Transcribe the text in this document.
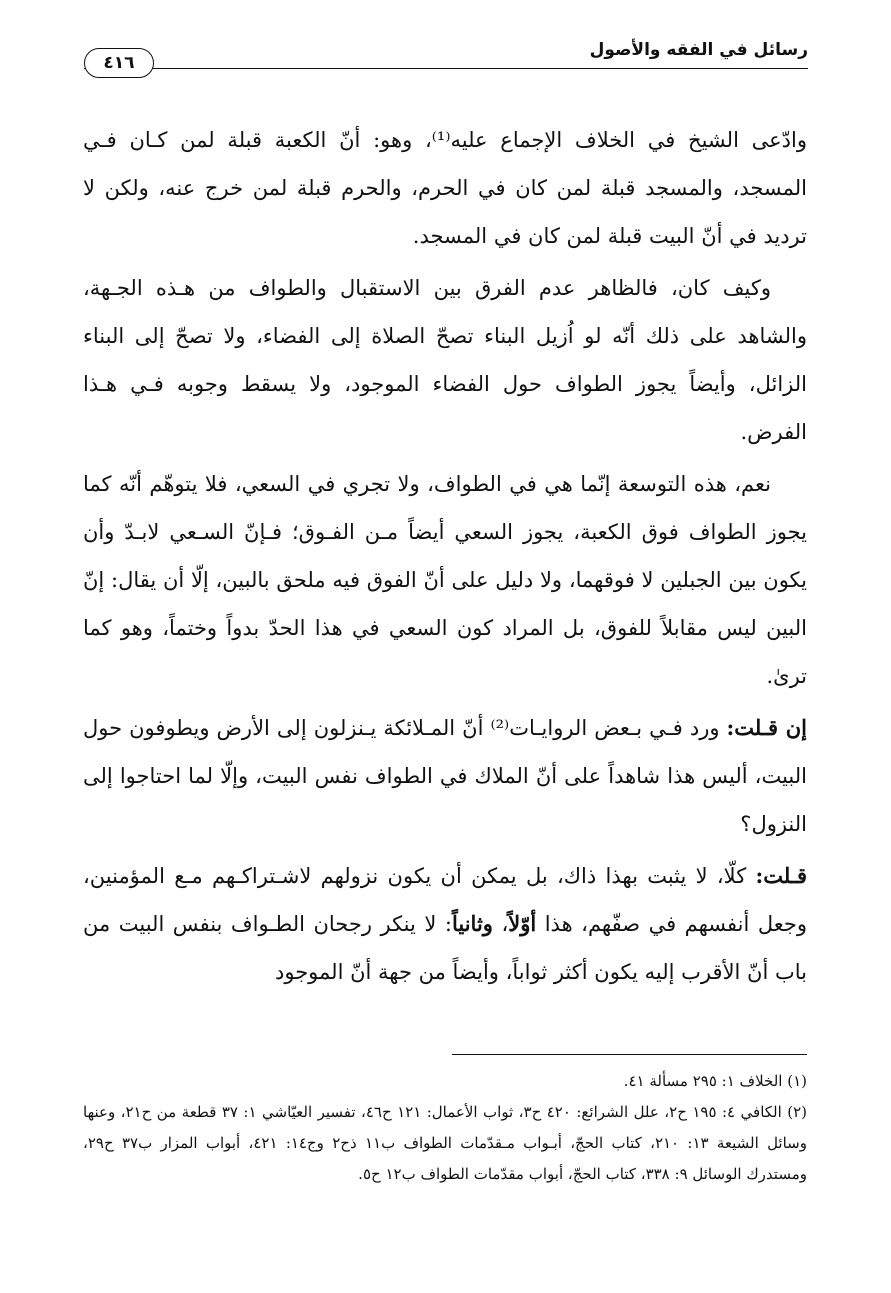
رسائل في الفقه والأصول
٤١٦

وادّعى الشيخ في الخلاف الإجماع عليه⁽¹⁾، وهو: أنّ الكعبة قبلة لمن كـان فـي المسجد، والمسجد قبلة لمن كان في الحرم، والحرم قبلة لمن خرج عنه، ولكن لا ترديد في أنّ البيت قبلة لمن كان في المسجد.

وكيف كان، فالظاهر عدم الفرق بين الاستقبال والطواف من هـذه الجـهة، والشاهد على ذلك أنّه لو اُزيل البناء تصحّ الصلاة إلى الفضاء، ولا تصحّ إلى البناء الزائل، وأيضاً يجوز الطواف حول الفضاء الموجود، ولا يسقط وجوبه فـي هـذا الفرض.

نعم، هذه التوسعة إنّما هي في الطواف، ولا تجري في السعي، فلا يتوهّم أنّه كما يجوز الطواف فوق الكعبة، يجوز السعي أيضاً مـن الفـوق؛ فـإنّ السـعي لابـدّ وأن يكون بين الجبلين لا فوقهما، ولا دليل على أنّ الفوق فيه ملحق بالبين، إلّا أن يقال: إنّ البين ليس مقابلاً للفوق، بل المراد كون السعي في هذا الحدّ بدواً وختماً، وهو كما ترىٰ.

إن قـلت: ورد فـي بـعض الروايـات⁽²⁾ أنّ المـلائكة يـنزلون إلى الأرض ويطوفون حول البيت، أليس هذا شاهداً على أنّ الملاك في الطواف نفس البيت، وإلّا لما احتاجوا إلى النزول؟

قـلت: كلّا، لا يثبت بهذا ذاك، بل يمكن أن يكون نزولهم لاشـتراكـهم مـع المؤمنين، وجعل أنفسهم في صفّهم، هذا أوّلاً، وثانياً: لا ينكر رجحان الطـواف بنفس البيت من باب أنّ الأقرب إليه يكون أكثر ثواباً، وأيضاً من جهة أنّ الموجود

(١) الخلاف ١: ٢٩٥ مسألة ٤١.

(٢) الكافي ٤: ١٩٥ ح٢، علل الشرائع: ٤٢٠ ح٣، ثواب الأعمال: ١٢١ ح٤٦، تفسير العيّاشي ١: ٣٧ قطعة من ح٢١، وعنها وسائل الشيعة ١٣: ٢١٠، كتاب الحجّ، أبـواب مـقدّمات الطواف ب١١ ذح٢ وج١٤: ٤٢١، أبواب المزار ب٣٧ ح٢٩، ومستدرك الوسائل ٩: ٣٣٨، كتاب الحجّ، أبواب مقدّمات الطواف ب١٢ ح٥.
